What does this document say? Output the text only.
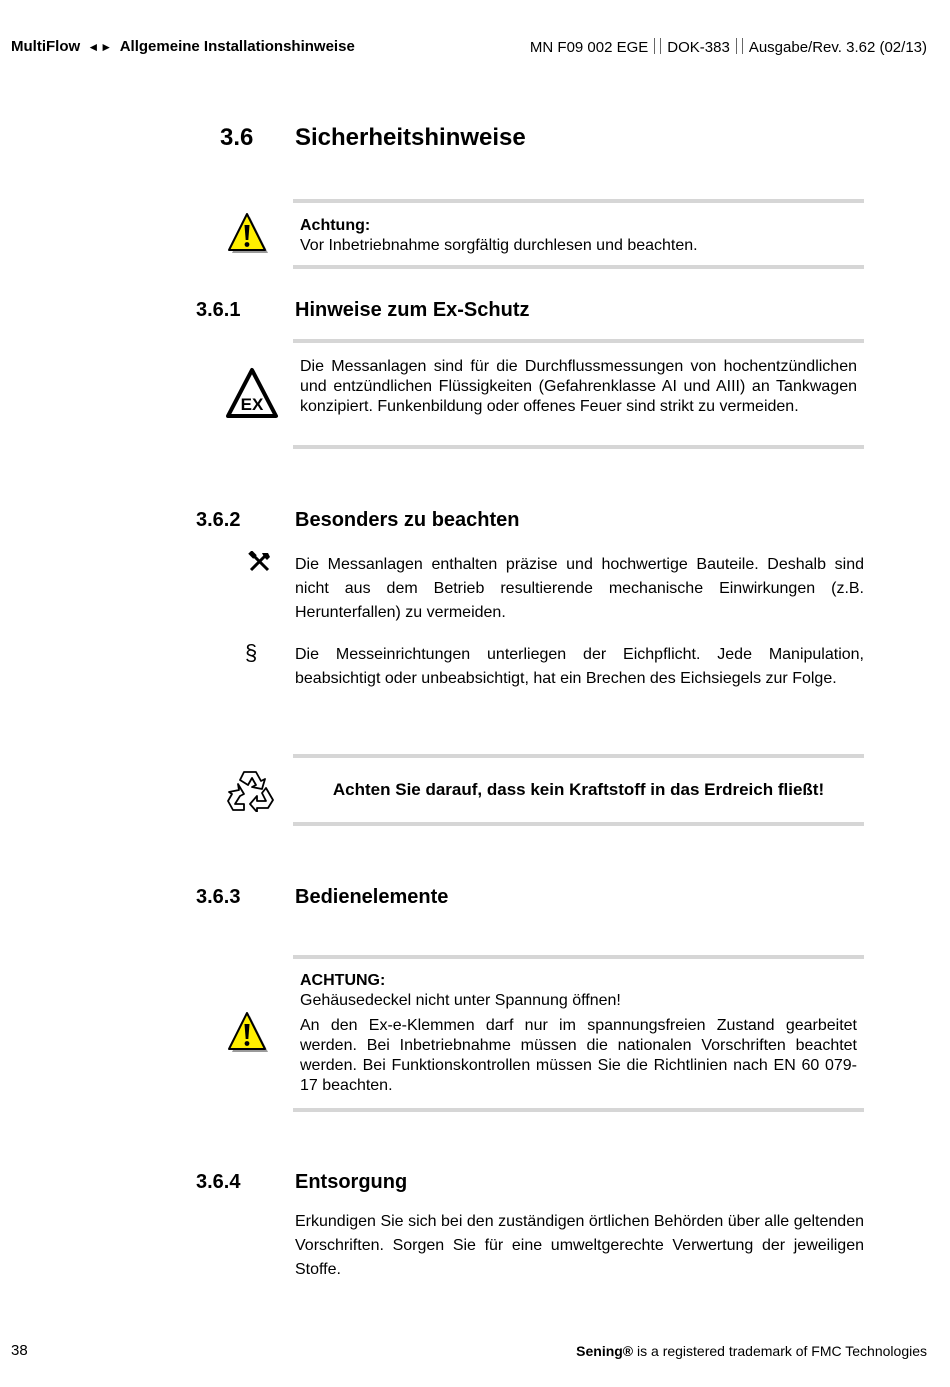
MultiFlow ◄► Allgemeine Installationshinweise	MN F09 002 EGE DOK-383 Ausgabe/Rev. 3.62 (02/13)
3.6 Sicherheitshinweise
Achtung:
Vor Inbetriebnahme sorgfältig durchlesen und beachten.
3.6.1	Hinweise zum Ex-Schutz
EX
Die Messanlagen sind für die Durchflussmessungen von hochentzündlichen und entzündlichen Flüssigkeiten (Gefahrenklasse AI und AIII) an Tankwagen konzipiert. Funkenbildung oder offenes Feuer sind strikt zu vermeiden.
3.6.2	Besonders zu beachten
Die Messanlagen enthalten präzise und hochwertige Bauteile. Deshalb sind nicht aus dem Betrieb resultierende mechanische Einwirkungen (z.B. Herunterfallen) zu vermeiden.
§ Die Messeinrichtungen unterliegen der Eichpflicht. Jede Manipulation, beabsichtigt oder unbeabsichtigt, hat ein Brechen des Eichsiegels zur Folge.
Achten Sie darauf, dass kein Kraftstoff in das Erdreich fließt!
3.6.3	Bedienelemente
ACHTUNG:
Gehäusedeckel nicht unter Spannung öffnen!
An den Ex-e-Klemmen darf nur im spannungsfreien Zustand gearbeitet werden. Bei Inbetriebnahme müssen die nationalen Vorschriften beachtet werden. Bei Funktionskontrollen müssen Sie die Richtlinien nach EN 60 079-17 beachten.
3.6.4	Entsorgung
Erkundigen Sie sich bei den zuständigen örtlichen Behörden über alle geltenden Vorschriften. Sorgen Sie für eine umweltgerechte Verwertung der jeweiligen Stoffe.
38	Sening® is a registered trademark of FMC Technologies
